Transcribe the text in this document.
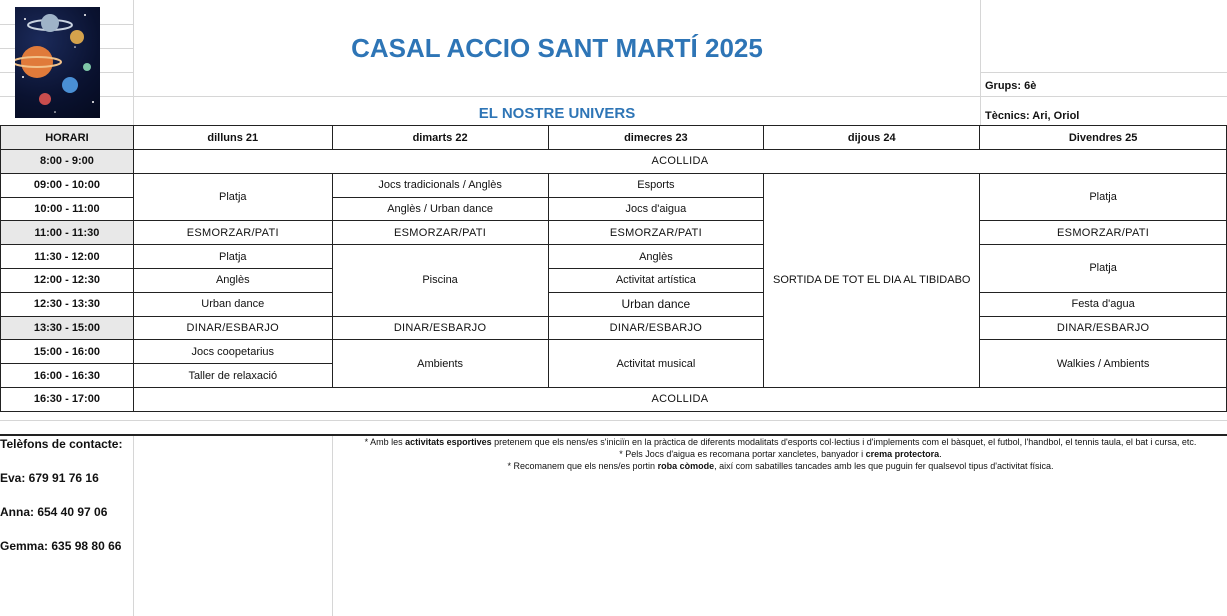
CASAL ACCIO SANT MARTÍ 2025
EL NOSTRE UNIVERS
Grups: 6è
Tècnics: Ari, Oriol
HORARI	dilluns 21	dimarts 22	dimecres 23	dijous 24	Divendres 25
8:00 - 9:00	ACOLLIDA				
09:00 - 10:00	Platja	Jocs tradicionals / Anglès	Esports	SORTIDA DE TOT EL DIA AL TIBIDABO	Platja
10:00 - 11:00		Anglès / Urban dance	Jocs d'aigua		
11:00 - 11:30	ESMORZAR/PATI	ESMORZAR/PATI	ESMORZAR/PATI		ESMORZAR/PATI
11:30 - 12:00	Platja	Piscina	Anglès		Platja
12:00 - 12:30	Anglès		Activitat artística		
12:30 - 13:30	Urban dance		Urban dance		Festa d'agua
13:30 - 15:00	DINAR/ESBARJO	DINAR/ESBARJO	DINAR/ESBARJO		DINAR/ESBARJO
15:00 - 16:00	Jocs coopetarius	Ambients	Activitat musical		Walkies / Ambients
16:00 - 16:30	Taller de relaxació				
16:30 - 17:00	ACOLLIDA				
Telèfons de contacte:
Eva: 679 91 76 16
Anna: 654 40 97 06
Gemma: 635 98 80 66
* Amb les activitats esportives pretenem que els nens/es s'iniciïn en la pràctica de diferents modalitats d'esports col·lectius i d'implements com el bàsquet, el futbol, l'handbol, el tennis taula, el bat i cursa, etc.
* Pels Jocs d'aigua es recomana portar xancletes, banyador i crema protectora.
* Recomanem que els nens/es portin roba còmode, així com sabatilles tancades amb les que puguin fer qualsevol tipus d'activitat física.
